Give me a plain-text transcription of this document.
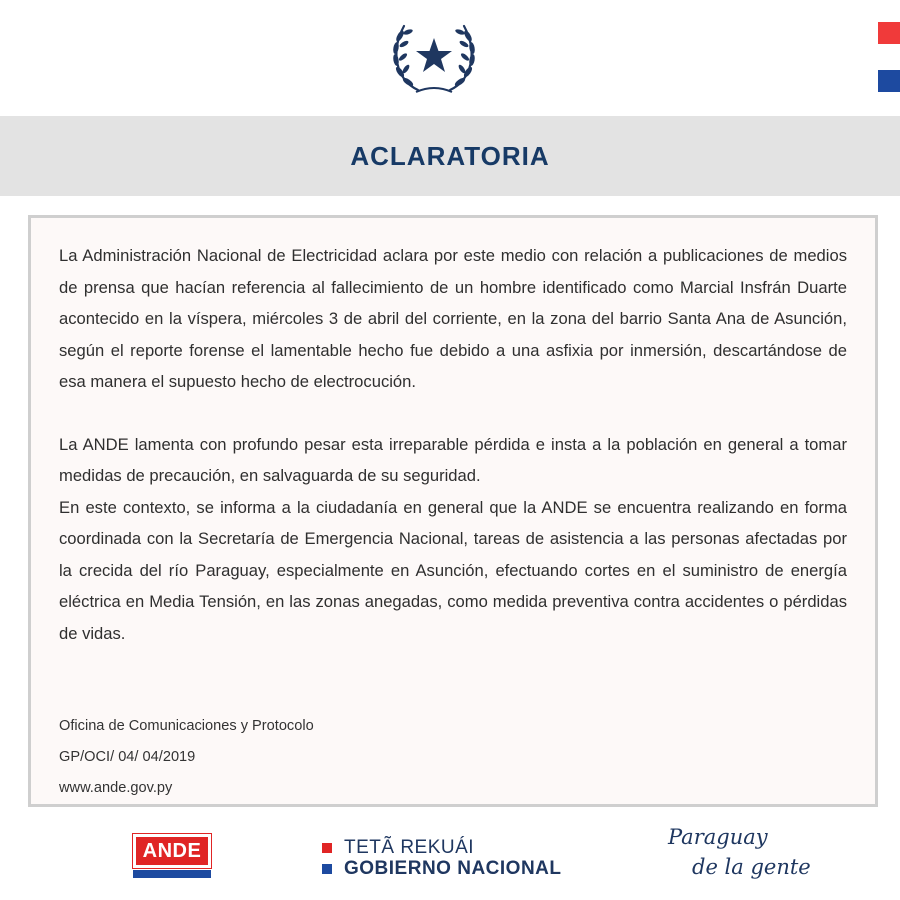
ACLARATORIA
La Administración Nacional de Electricidad aclara por este medio con relación a publicaciones de medios de prensa que hacían referencia al fallecimiento de un hombre identificado como Marcial Insfrán Duarte acontecido en la víspera, miércoles 3 de abril del corriente, en la zona del barrio Santa Ana de Asunción, según el reporte forense el lamentable hecho fue debido a una asfixia por inmersión, descartándose de esa manera el supuesto hecho de electrocución.
La ANDE lamenta con profundo pesar esta irreparable pérdida e insta a la población en general a tomar medidas de precaución, en salvaguarda de su seguridad.
En este contexto, se informa a la ciudadanía en general que la ANDE se encuentra realizando en forma coordinada con la Secretaría de Emergencia Nacional, tareas de asistencia a las personas afectadas por la crecida del río Paraguay, especialmente en Asunción, efectuando cortes en el suministro de energía eléctrica en Media Tensión, en las zonas anegadas, como medida preventiva contra accidentes o pérdidas de vidas.
Oficina de Comunicaciones y Protocolo
GP/OCI/ 04/ 04/2019
www.ande.gov.py
ANDE	TETÃ REKUÁI
GOBIERNO NACIONAL
Paraguay
de la gente
